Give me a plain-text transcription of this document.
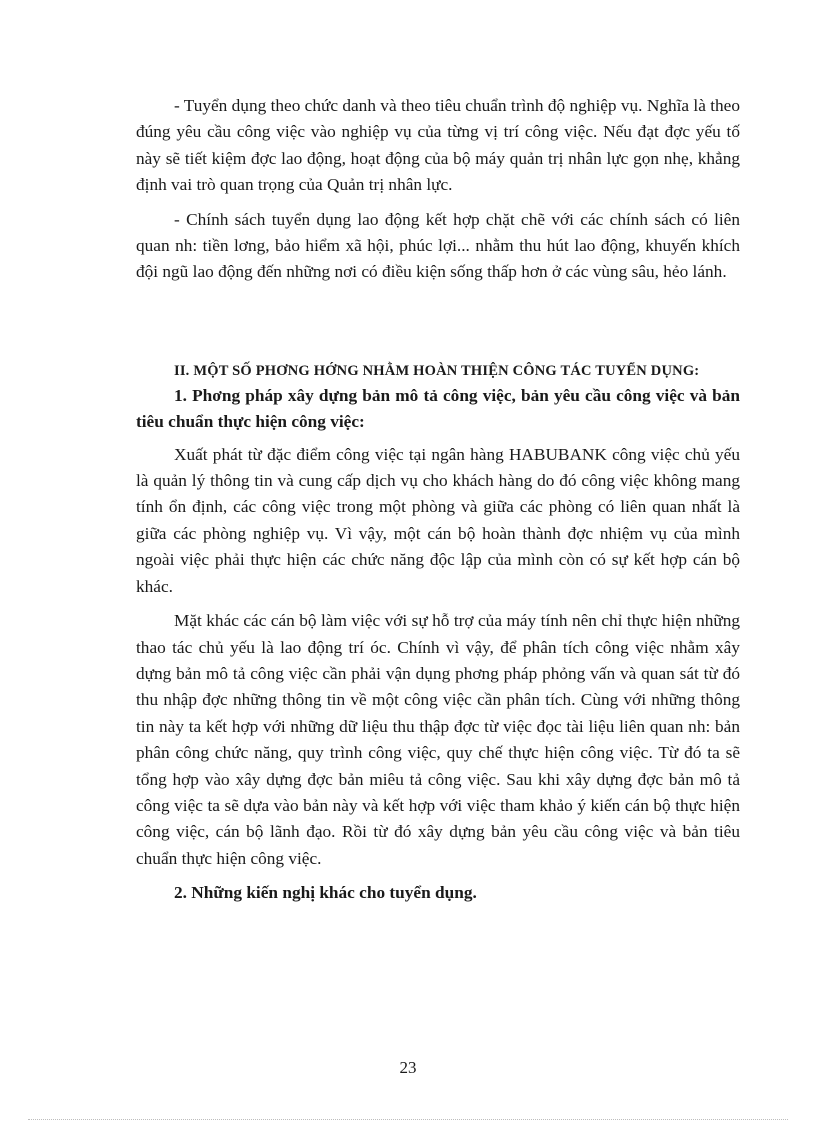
- Tuyển dụng theo chức danh và theo tiêu chuẩn trình độ nghiệp vụ. Nghĩa là theo đúng yêu cầu công việc vào nghiệp vụ của từng vị trí công việc. Nếu đạt đợc yếu tố này sẽ tiết kiệm đợc lao động, hoạt động của bộ máy quản trị nhân lực gọn nhẹ, khẳng định vai trò quan trọng của Quản trị nhân lực.

- Chính sách tuyển dụng lao động kết hợp chặt chẽ với các chính sách có liên quan nh: tiền lơng, bảo hiểm xã hội, phúc lợi... nhằm thu hút lao động, khuyến khích đội ngũ lao động đến những nơi có điều kiện sống thấp hơn ở các vùng sâu, hẻo lánh.

II. MỘT SỐ PHƠNG HỚNG NHẰM HOÀN THIỆN CÔNG TÁC TUYỂN DỤNG:

1. Phơng pháp xây dựng bản mô tả công việc, bản yêu cầu công việc và bản tiêu chuẩn thực hiện công việc:

Xuất phát từ đặc điểm công việc tại ngân hàng HABUBANK công việc chủ yếu là quản lý thông tin và cung cấp dịch vụ cho khách hàng do đó công việc không mang tính ổn định, các công việc trong một phòng và giữa các phòng có liên quan nhất là giữa các phòng nghiệp vụ. Vì vậy, một cán bộ hoàn thành đợc nhiệm vụ của mình ngoài việc phải thực hiện các chức năng độc lập của mình còn có sự kết hợp cán bộ khác.

Mặt khác các cán bộ làm việc với sự hỗ trợ của máy tính nên chỉ thực hiện những thao tác chủ yếu là lao động trí óc. Chính vì vậy, để phân tích công việc nhằm xây dựng bản mô tả công việc cần phải vận dụng phơng pháp phỏng vấn và quan sát từ đó thu nhập đợc những thông tin về một công việc cần phân tích. Cùng với những thông tin này ta kết hợp với những dữ liệu thu thập đợc từ việc đọc tài liệu liên quan nh: bản phân công chức năng, quy trình công việc, quy chế thực hiện công việc. Từ đó ta sẽ tổng hợp vào xây dựng đợc bản miêu tả công việc. Sau khi xây dựng đợc bản mô tả công việc ta sẽ dựa vào bản này và kết hợp với việc tham khảo ý kiến cán bộ thực hiện công việc, cán bộ lãnh đạo. Rồi từ đó xây dựng bản yêu cầu công việc và bản tiêu chuẩn thực hiện công việc.

2. Những kiến nghị khác cho tuyển dụng.

23
